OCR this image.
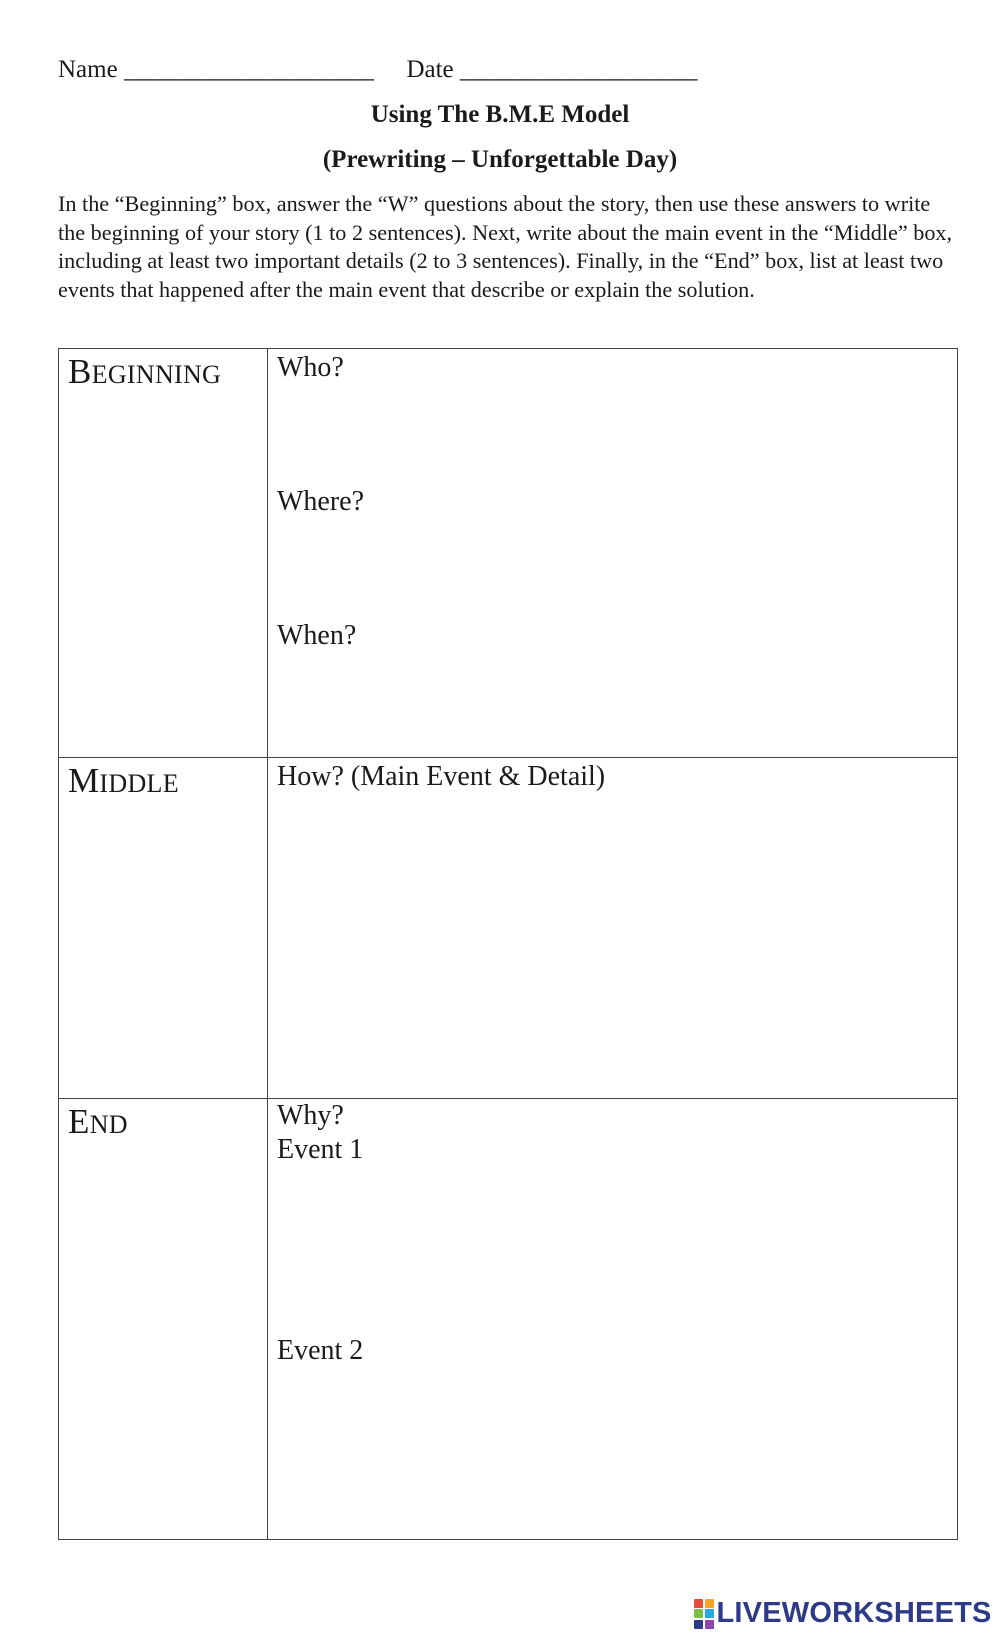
Name ____________________ Date ___________________
Using The B.M.E Model
(Prewriting – Unforgettable Day)
In the “Beginning” box, answer the “W” questions about the story, then use these answers to write the beginning of your story (1 to 2 sentences). Next, write about the main event in the “Middle” box, including at least two important details (2 to 3 sentences). Finally, in the “End” box, list at least two events that happened after the main event that describe or explain the solution.
BEGINNING	Who?
Where?
When?

MIDDLE	How? (Main Event & Detail)

END	Why?
Event 1
Event 2
LIVEWORKSHEETS
